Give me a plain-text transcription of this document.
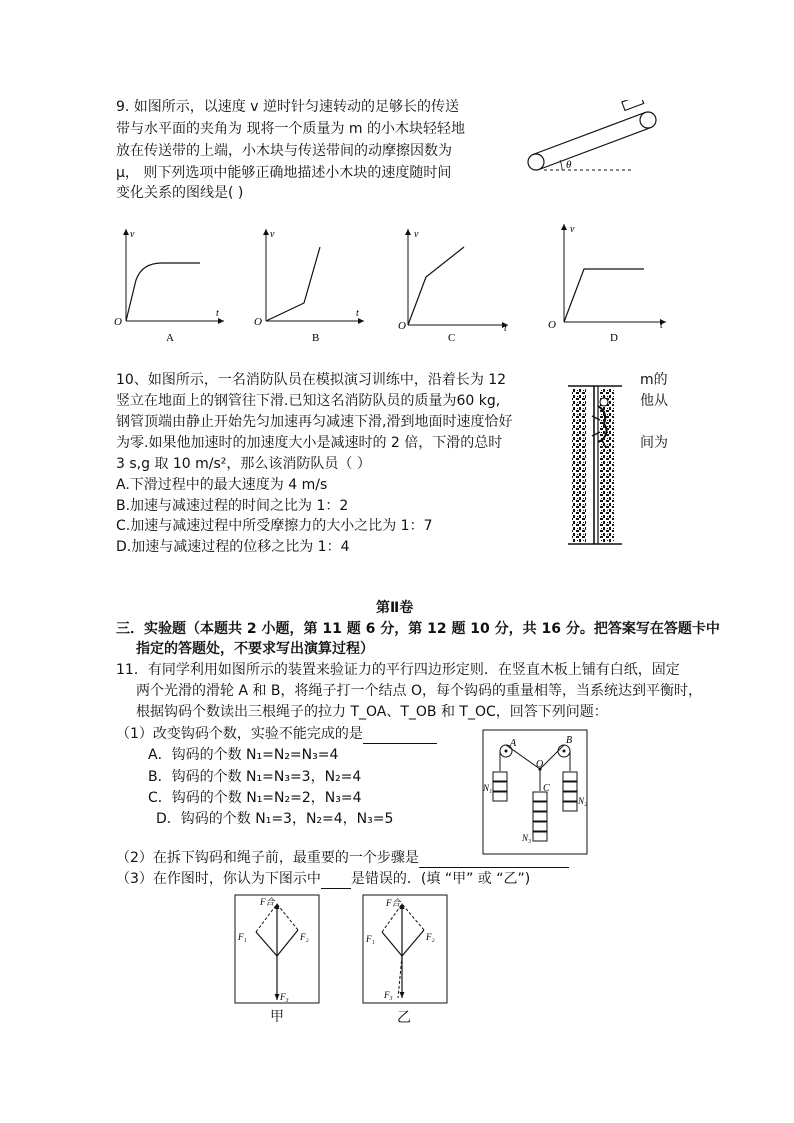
9. 如图所示，以速度 v 逆时针匀速转动的足够长的传送
带与水平面的夹角为 现将一个质量为 m 的小木块轻轻地
放在传送带的上端，小木块与传送带间的动摩擦因数为
μ， 则下列选项中能够正确地描述小木块的速度随时间
变化关系的图线是( )
θ
v
t
O
A
v
t
O
B
v
t
O
C
v
t
O
D
10、如图所示，一名消防队员在模拟演习训练中，沿着长为 12
竖立在地面上的钢管往下滑.已知这名消防队员的质量为60 kg,
钢管顶端由静止开始先匀加速再匀减速下滑,滑到地面时速度恰好
为零.如果他加速时的加速度大小是减速时的 2 倍，下滑的总时
3 s,g 取 10 m/s²，那么该消防队员（ ）
m的
他从
间为
A.下滑过程中的最大速度为 4 m/s
B.加速与减速过程的时间之比为 1：2
C.加速与减速过程中所受摩擦力的大小之比为 1：7
D.加速与减速过程的位移之比为 1：4
第Ⅱ卷
三．实验题（本题共 2 小题，第 11 题 6 分，第 12 题 10 分，共 16 分。把答案写在答题卡中
指定的答题处，不要求写出演算过程）
11．有同学利用如图所示的装置来验证力的平行四边形定则．在竖直木板上铺有白纸，固定
两个光滑的滑轮 A 和 B，将绳子打一个结点 O，每个钩码的重量相等，当系统达到平衡时，
根据钩码个数读出三根绳子的拉力 T_OA、T_OB 和 T_OC，回答下列问题：
（1）改变钩码个数，实验不能完成的是
A．钩码的个数 N₁=N₂=N₃=4
B．钩码的个数 N₁=N₃=3，N₂=4
C．钩码的个数 N₁=N₂=2，N₃=4
D．钩码的个数 N₁=3，N₂=4，N₃=5
（2）在拆下钩码和绳子前，最重要的一个步骤是
（3）在作图时，你认为下图示中 是错误的．(填 “甲” 或 “乙”)
A	B
O
C
N₁
N₂
N₃
F合
F₁	F₂
F₃
甲
F合
F₁	F₂
F₃
乙
